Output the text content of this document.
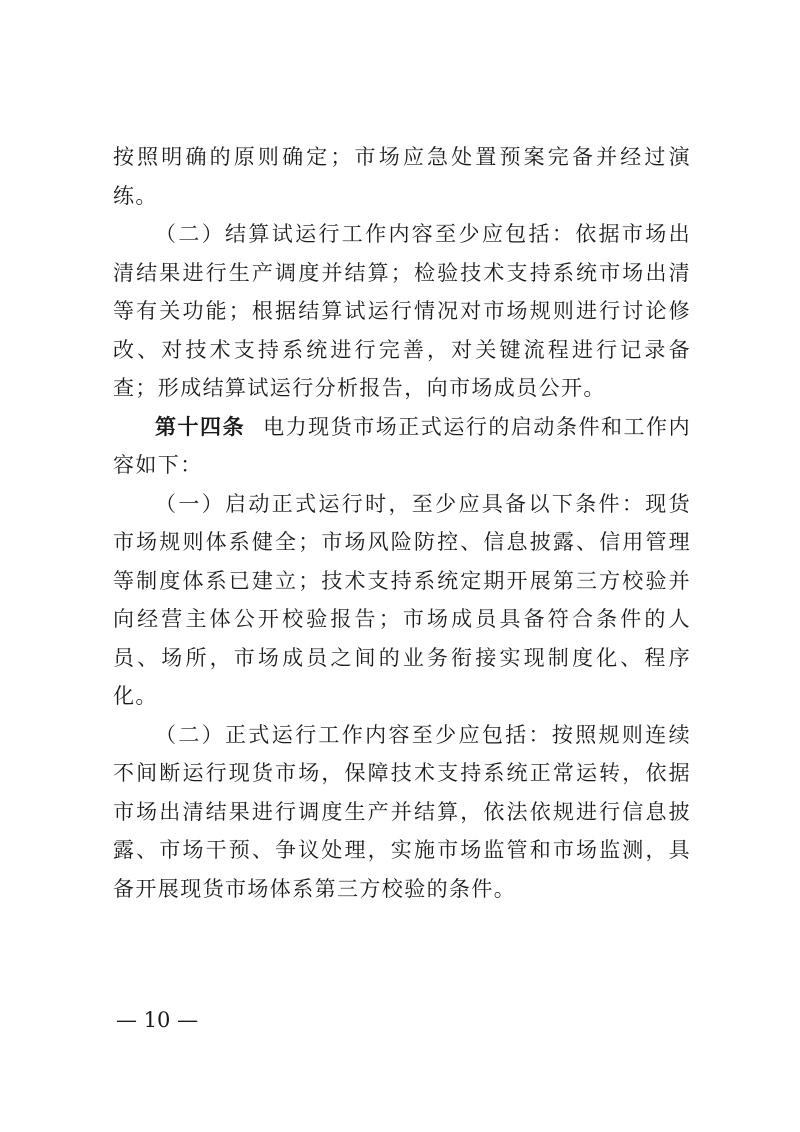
按照明确的原则确定；市场应急处置预案完备并经过演练。

（二）结算试运行工作内容至少应包括：依据市场出清结果进行生产调度并结算；检验技术支持系统市场出清等有关功能；根据结算试运行情况对市场规则进行讨论修改、对技术支持系统进行完善，对关键流程进行记录备查；形成结算试运行分析报告，向市场成员公开。

第十四条 电力现货市场正式运行的启动条件和工作内容如下：

（一）启动正式运行时，至少应具备以下条件：现货市场规则体系健全；市场风险防控、信息披露、信用管理等制度体系已建立；技术支持系统定期开展第三方校验并向经营主体公开校验报告；市场成员具备符合条件的人员、场所，市场成员之间的业务衔接实现制度化、程序化。

（二）正式运行工作内容至少应包括：按照规则连续不间断运行现货市场，保障技术支持系统正常运转，依据市场出清结果进行调度生产并结算，依法依规进行信息披露、市场干预、争议处理，实施市场监管和市场监测，具备开展现货市场体系第三方校验的条件。

— 10 —
